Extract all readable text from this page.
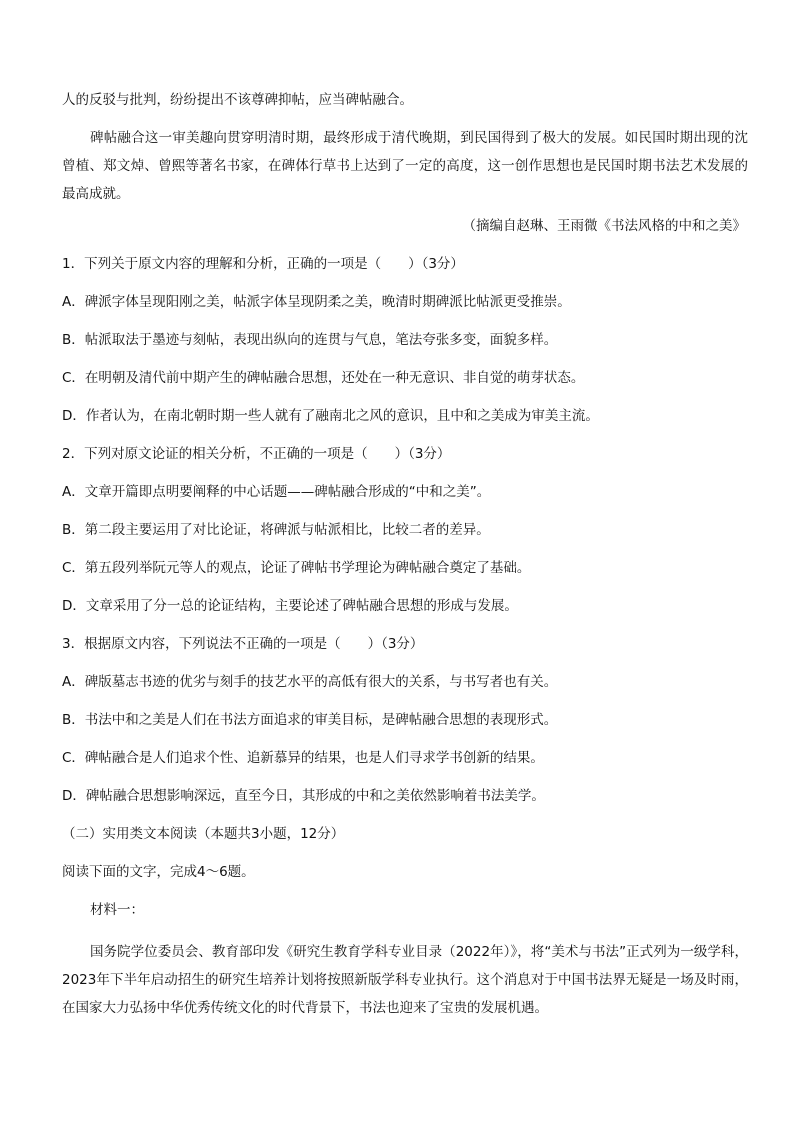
人的反驳与批判，纷纷提出不该尊碑抑帖，应当碑帖融合。
碑帖融合这一审美趣向贯穿明清时期，最终形成于清代晚期，到民国得到了极大的发展。如民国时期出现的沈曾植、郑文焯、曾熙等著名书家，在碑体行草书上达到了一定的高度，这一创作思想也是民国时期书法艺术发展的最高成就。
（摘编自赵琳、王雨微《书法风格的中和之美》
1．下列关于原文内容的理解和分析，正确的一项是（　　）（3分）
A．碑派字体呈现阳刚之美，帖派字体呈现阴柔之美，晚清时期碑派比帖派更受推崇。
B．帖派取法于墨迹与刻帖，表现出纵向的连贯与气息，笔法夸张多变，面貌多样。
C．在明朝及清代前中期产生的碑帖融合思想，还处在一种无意识、非自觉的萌芽状态。
D．作者认为，在南北朝时期一些人就有了融南北之风的意识，且中和之美成为审美主流。
2．下列对原文论证的相关分析，不正确的一项是（　　）（3分）
A．文章开篇即点明要阐释的中心话题——碑帖融合形成的“中和之美”。
B．第二段主要运用了对比论证，将碑派与帖派相比，比较二者的差异。
C．第五段列举阮元等人的观点，论证了碑帖书学理论为碑帖融合奠定了基础。
D．文章采用了分一总的论证结构，主要论述了碑帖融合思想的形成与发展。
3．根据原文内容，下列说法不正确的一项是（　　）（3分）
A．碑版墓志书迹的优劣与刻手的技艺水平的高低有很大的关系，与书写者也有关。
B．书法中和之美是人们在书法方面追求的审美目标，是碑帖融合思想的表现形式。
C．碑帖融合是人们追求个性、追新慕异的结果，也是人们寻求学书创新的结果。
D．碑帖融合思想影响深远，直至今日，其形成的中和之美依然影响着书法美学。
（二）实用类文本阅读（本题共3小题，12分）
阅读下面的文字，完成4～6题。
材料一：
国务院学位委员会、教育部印发《研究生教育学科专业目录（2022年）》，将“美术与书法”正式列为一级学科，2023年下半年启动招生的研究生培养计划将按照新版学科专业执行。这个消息对于中国书法界无疑是一场及时雨，在国家大力弘扬中华优秀传统文化的时代背景下，书法也迎来了宝贵的发展机遇。
